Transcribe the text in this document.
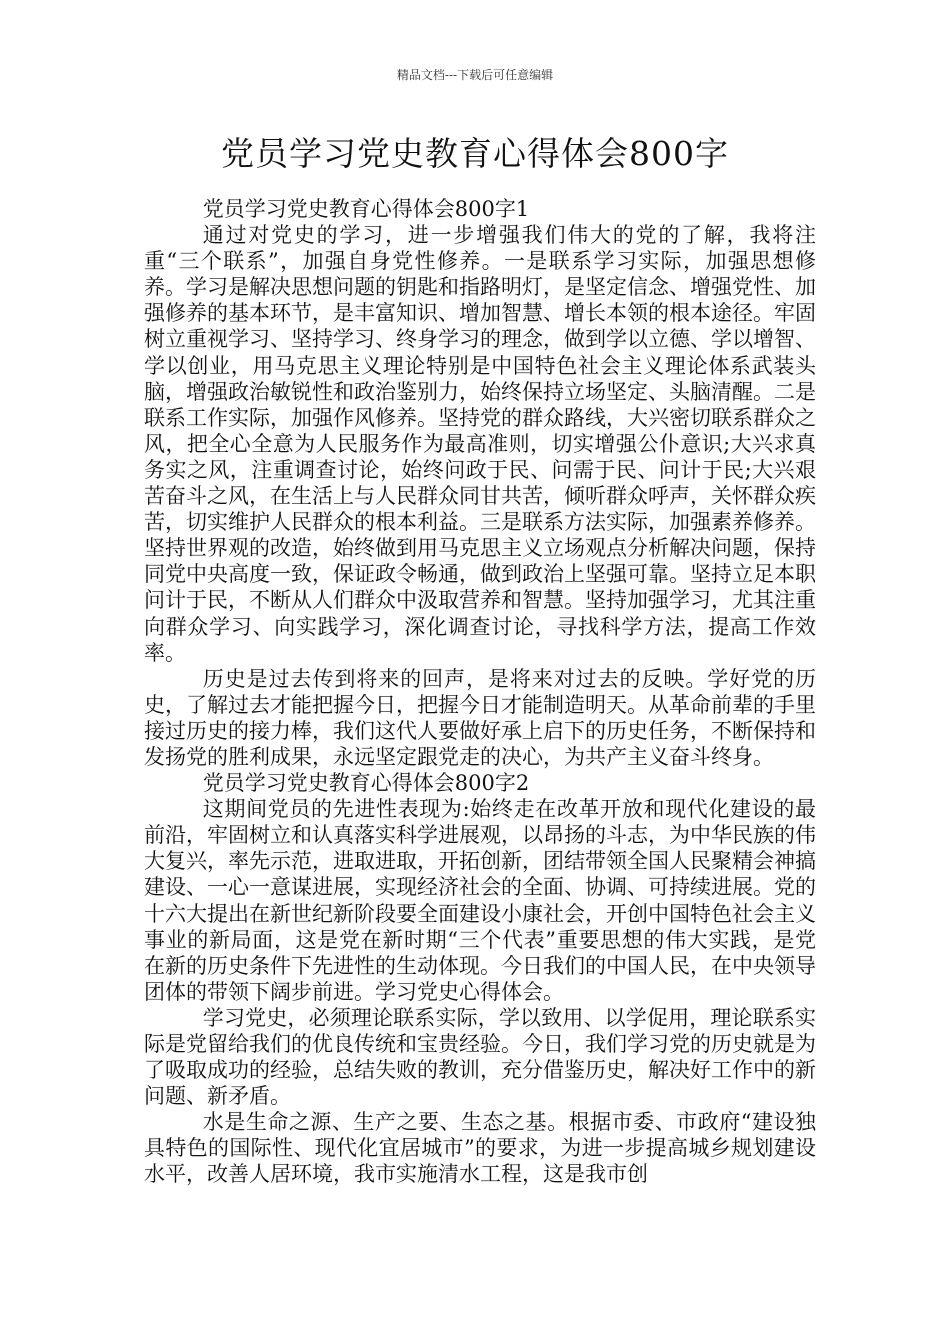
精品文档---下载后可任意编辑
党员学习党史教育心得体会800字

党员学习党史教育心得体会800字1

通过对党史的学习，进一步增强我们伟大的党的了解，我将注重“三个联系”，加强自身党性修养。一是联系学习实际，加强思想修养。学习是解决思想问题的钥匙和指路明灯，是坚定信念、增强党性、加强修养的基本环节，是丰富知识、增加智慧、增长本领的根本途径。牢固树立重视学习、坚持学习、终身学习的理念，做到学以立德、学以增智、学以创业，用马克思主义理论特别是中国特色社会主义理论体系武装头脑，增强政治敏锐性和政治鉴别力，始终保持立场坚定、头脑清醒。二是联系工作实际，加强作风修养。坚持党的群众路线，大兴密切联系群众之风，把全心全意为人民服务作为最高准则，切实增强公仆意识;大兴求真务实之风，注重调查讨论，始终问政于民、问需于民、问计于民;大兴艰苦奋斗之风，在生活上与人民群众同甘共苦，倾听群众呼声，关怀群众疾苦，切实维护人民群众的根本利益。三是联系方法实际，加强素养修养。坚持世界观的改造，始终做到用马克思主义立场观点分析解决问题，保持同党中央高度一致，保证政令畅通，做到政治上坚强可靠。坚持立足本职问计于民，不断从人们群众中汲取营养和智慧。坚持加强学习，尤其注重向群众学习、向实践学习，深化调查讨论，寻找科学方法，提高工作效率。

历史是过去传到将来的回声，是将来对过去的反映。学好党的历史，了解过去才能把握今日，把握今日才能制造明天。从革命前辈的手里接过历史的接力棒，我们这代人要做好承上启下的历史任务，不断保持和发扬党的胜利成果，永远坚定跟党走的决心，为共产主义奋斗终身。

党员学习党史教育心得体会800字2

这期间党员的先进性表现为:始终走在改革开放和现代化建设的最前沿，牢固树立和认真落实科学进展观，以昂扬的斗志，为中华民族的伟大复兴，率先示范，进取进取，开拓创新，团结带领全国人民聚精会神搞建设、一心一意谋进展，实现经济社会的全面、协调、可持续进展。党的十六大提出在新世纪新阶段要全面建设小康社会，开创中国特色社会主义事业的新局面，这是党在新时期“三个代表”重要思想的伟大实践，是党在新的历史条件下先进性的生动体现。今日我们的中国人民，在中央领导团体的带领下阔步前进。学习党史心得体会。

学习党史，必须理论联系实际，学以致用、以学促用，理论联系实际是党留给我们的优良传统和宝贵经验。今日，我们学习党的历史就是为了吸取成功的经验，总结失败的教训，充分借鉴历史，解决好工作中的新问题、新矛盾。

水是生命之源、生产之要、生态之基。根据市委、市政府“建设独具特色的国际性、现代化宜居城市”的要求，为进一步提高城乡规划建设水平，改善人居环境，我市实施清水工程，这是我市创
